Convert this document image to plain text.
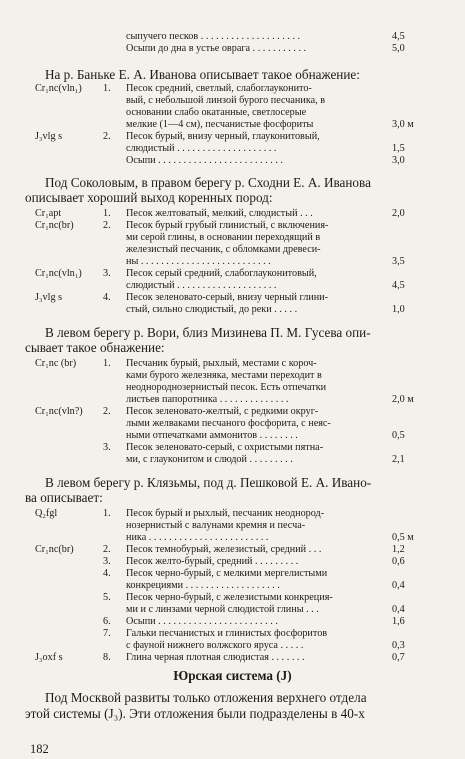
сыпучего песков . . . . . . . . . . . . . . . . . . . .	4,5
Осыпи до дна в устье оврага . . . . . . . . . . .	5,0
На р. Баньке Е. А. Иванова описывает такое обнажение:
Cr₁nc(vln₁) 1. Песок средний, светлый, слабоглауконито-
вый, с небольшой линзой бурого песчаника, в
основании слабо окатанные, светлосерые
мелкие (1—4 см), песчанистые фосфориты	3,0 м
J₃vlg s	2. Песок бурый, внизу черный, глауконитовый,
слюдистый . . . . . . . . . . . . . . . . . . . .	1,5
Осыпи . . . . . . . . . . . . . . . . . . . . . . . . .	3,0
Под Соколовым, в правом берегу р. Сходни Е. А. Иванова
описывает хороший выход коренных пород:
Cr₁apt	1. Песок желтоватый, мелкий, слюдистый . . .	2,0
Cr₁nc(br)	2. Песок бурый грубый глинистый, с включения-
ми серой глины, в основании переходящий в
железистый песчаник, с обломками древеси-
ны . . . . . . . . . . . . . . . . . . . . . . . . . .	3,5
Cr₁nc(vln₁) 3. Песок серый средний, слабоглауконитовый,
слюдистый . . . . . . . . . . . . . . . . . . . .	4,5
J₃vlg s	4. Песок зеленовато-серый, внизу черный глини-
стый, сильно слюдистый, до реки . . . . .	1,0
В левом берегу р. Вори, близ Мизинева П. М. Гусева опи-
сывает такое обнажение:
Cr₁nc (br)	1. Песчаник бурый, рыхлый, местами с короч-
ками бурого железняка, местами переходит в
неоднороднозернистый песок. Есть отпечатки
листьев папоротника . . . . . . . . . . . . . .	2,0 м
Cr₁nc(vln?) 2. Песок зеленовато-желтый, с редкими округ-
лыми желваками песчаного фосфорита, с неяс-
ными отпечатками аммонитов . . . . . . . .	0,5
3. Песок зеленовато-серый, с охристыми пятна-
ми, с глауконитом и слюдой . . . . . . . . .	2,1
В левом берегу р. Клязьмы, под д. Пешковой Е. А. Ивано-
ва описывает:
Q₂fgl	1. Песок бурый и рыхлый, песчаник неоднород-
нозернистый с валунами кремня и песча-
ника . . . . . . . . . . . . . . . . . . . . . . . .	0,5 м
Cr₁nc(br)	2. Песок темнобурый, железистый, средний . . .	1,2
3. Песок желто-бурый, средний . . . . . . . . .	0,6
4. Песок черно-бурый, с мелкими мергелистыми
конкрециями . . . . . . . . . . . . . . . . . . .	0,4
5. Песок черно-бурый, с железистыми конкреция-
ми и с линзами черной слюдистой глины . . .	0,4
6. Осыпи . . . . . . . . . . . . . . . . . . . . . . . .	1,6
7. Гальки песчанистых и глинистых фосфоритов
с фауной нижнего волжского яруса . . . . .	0,3
J₃oxf s	8. Глина черная плотная слюдистая . . . . . . .	0,7
Юрская система (J)
Под Москвой развиты только отложения верхнего отдела
этой системы (J₃). Эти отложения были подразделены в 40-х
182
